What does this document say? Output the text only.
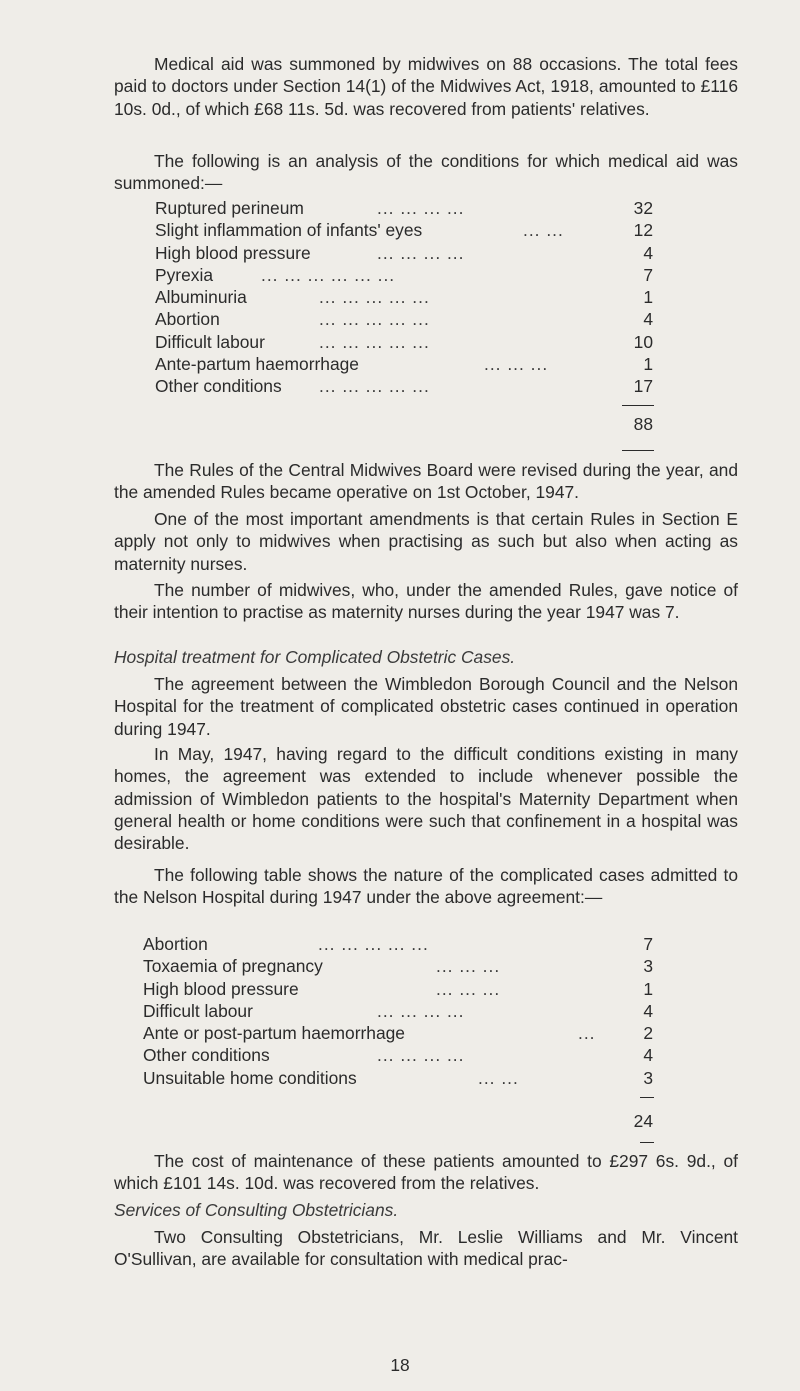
Medical aid was summoned by midwives on 88 occasions. The total fees paid to doctors under Section 14(1) of the Midwives Act, 1918, amounted to £116 10s. 0d., of which £68 11s. 5d. was recovered from patients' relatives.

The following is an analysis of the conditions for which medical aid was summoned:—

Ruptured perineum	... ... ... ...	32
Slight inflammation of infants' eyes	... ...	12
High blood pressure	... ... ... ...	4
Pyrexia	... ... ... ... ... ...	7
Albuminuria	... ... ... ... ...	1
Abortion	... ... ... ... ...	4
Difficult labour	... ... ... ... ...	10
Ante-partum haemorrhage	... ... ...	1
Other conditions ... ... ... ... ...	17
88

The Rules of the Central Midwives Board were revised during the year, and the amended Rules became operative on 1st October, 1947.

One of the most important amendments is that certain Rules in Section E apply not only to midwives when practising as such but also when acting as maternity nurses.

The number of midwives, who, under the amended Rules, gave notice of their intention to practise as maternity nurses during the year 1947 was 7.

Hospital treatment for Complicated Obstetric Cases.

The agreement between the Wimbledon Borough Council and the Nelson Hospital for the treatment of complicated obstetric cases continued in operation during 1947.

In May, 1947, having regard to the difficult conditions existing in many homes, the agreement was extended to include whenever possible the admission of Wimbledon patients to the hospital's Maternity Department when general health or home conditions were such that confinement in a hospital was desirable.

The following table shows the nature of the complicated cases admitted to the Nelson Hospital during 1947 under the above agreement:—

Abortion	... ... ... ... ...	7
Toxaemia of pregnancy	... ... ...	3
High blood pressure	... ... ...	1
Difficult labour	... ... ... ...	4
Ante or post-partum haemorrhage	...	2
Other conditions	... ... ... ...	4
Unsuitable home conditions	... ...	3
24

The cost of maintenance of these patients amounted to £297 6s. 9d., of which £101 14s. 10d. was recovered from the relatives.

Services of Consulting Obstetricians.

Two Consulting Obstetricians, Mr. Leslie Williams and Mr. Vincent O'Sullivan, are available for consultation with medical prac-

18
